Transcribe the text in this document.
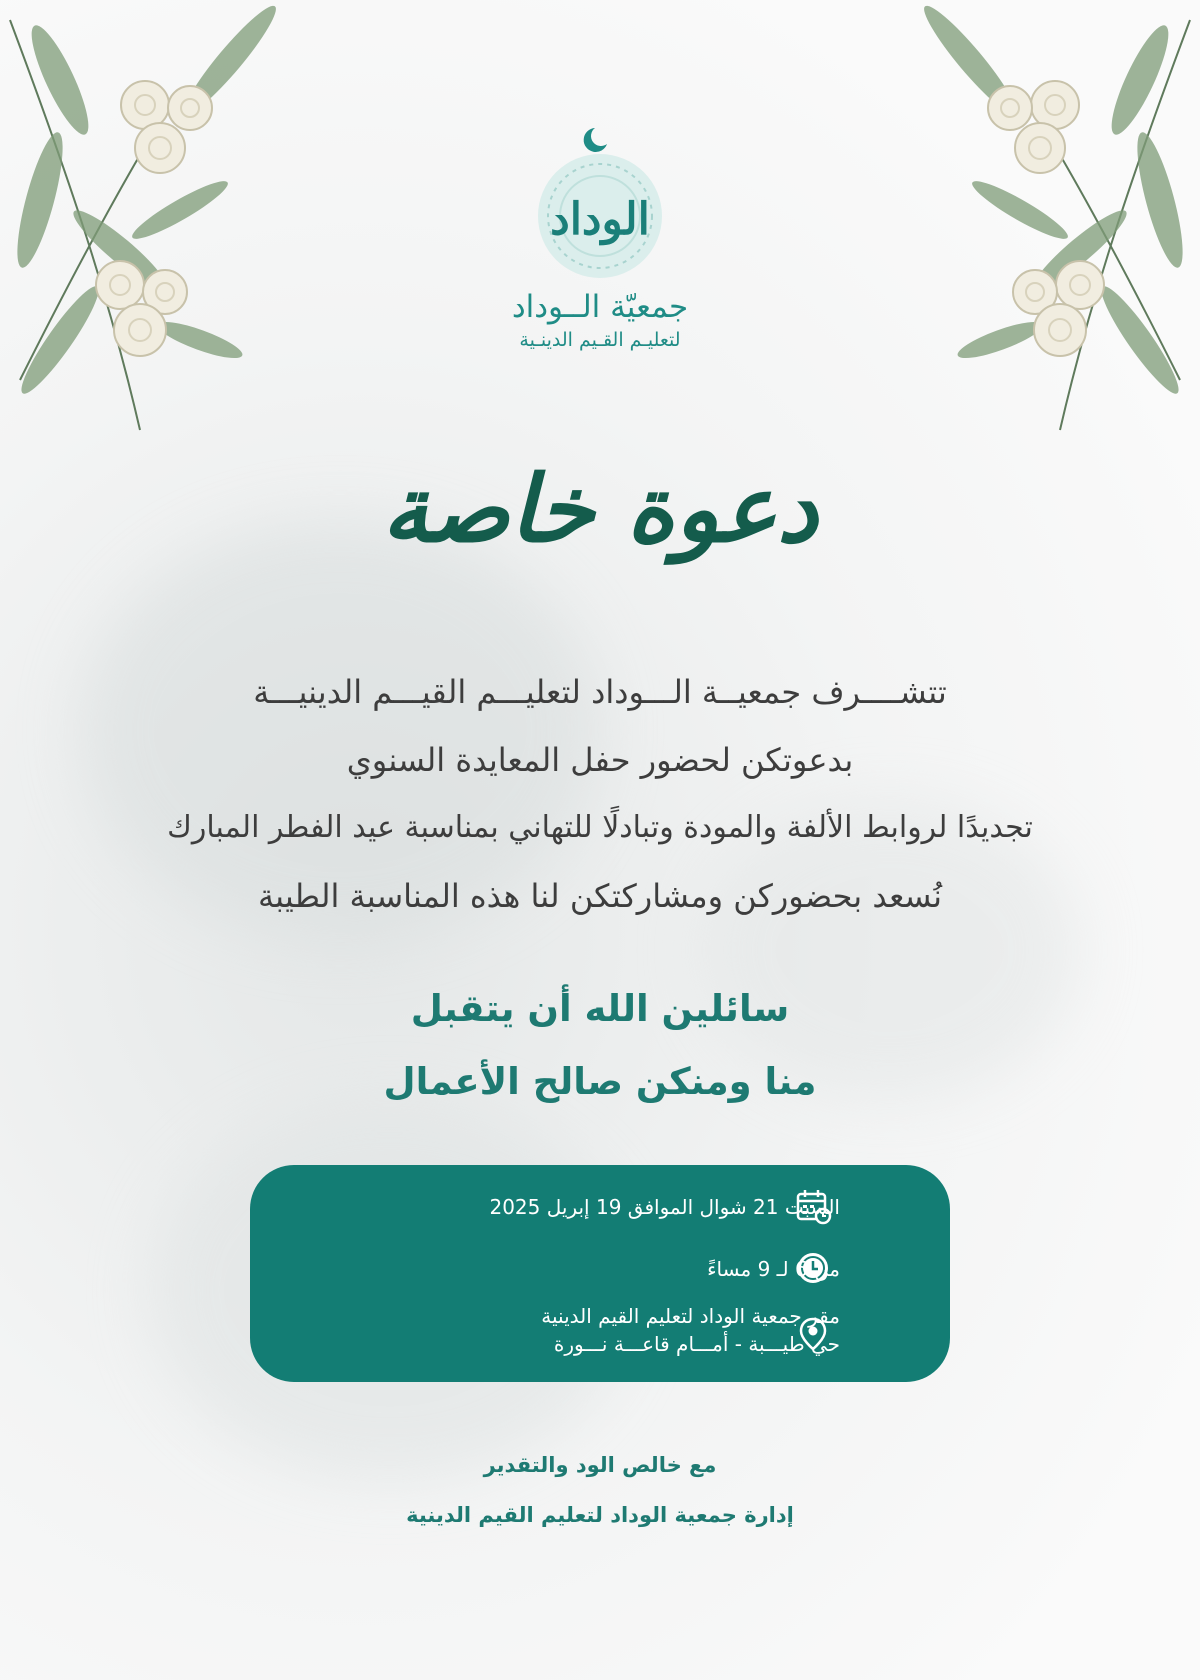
الوداد
جمعيّة الــوداد
لتعليـم القـيم الدينـية
دعوة خاصة
تتشــــرف جمعيــة الـــوداد لتعليـــم القيـــم الدينيـــة
بدعوتكن لحضور حفل المعايدة السنوي
تجديدًا لروابط الألفة والمودة وتبادلًا للتهاني بمناسبة عيد الفطر المبارك
نُسعد بحضوركن ومشاركتكن لنا هذه المناسبة الطيبة
سائلين الله أن يتقبل
منا ومنكن صالح الأعمال
السبت 21 شوال الموافق 19 إبريل 2025
من 6 لـ 9 مساءً
مقر جمعية الوداد لتعليم القيم الدينية
حي طيـــبة - أمـــام قاعـــة نـــورة
مع خالص الود والتقدير
إدارة جمعية الوداد لتعليم القيم الدينية
